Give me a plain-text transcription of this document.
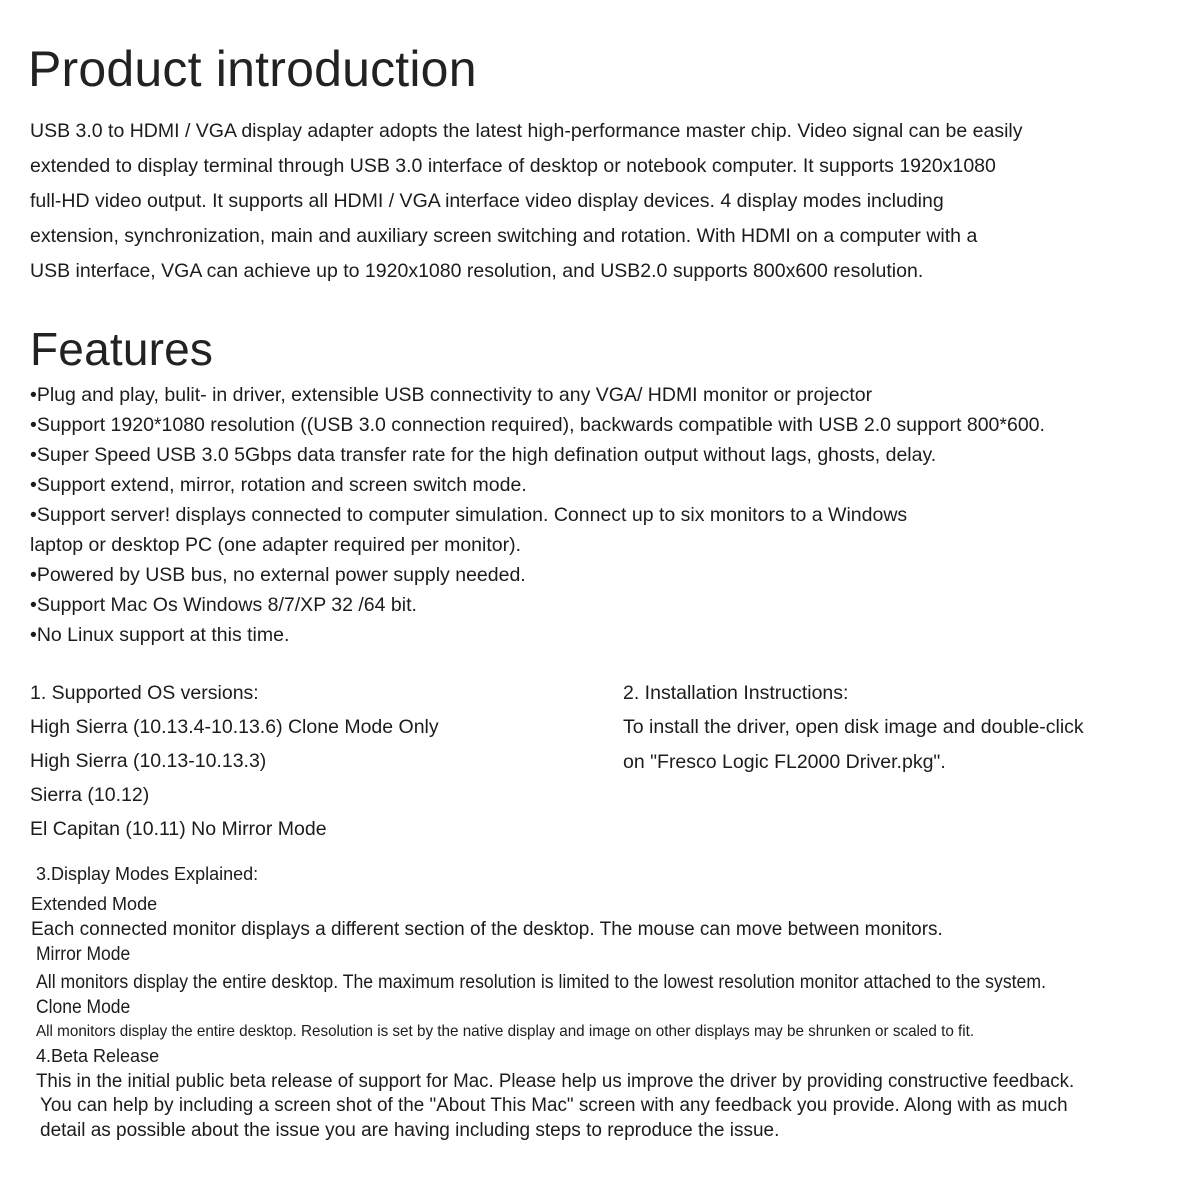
Product introduction
USB 3.0 to HDMI / VGA display adapter adopts the latest high-performance master chip. Video signal can be easily
extended to display terminal through USB 3.0 interface of desktop or notebook computer. It supports 1920x1080
full-HD video output. It supports all HDMI / VGA interface video display devices. 4 display modes including
extension, synchronization, main and auxiliary screen switching and rotation. With HDMI on a computer with a
USB interface, VGA can achieve up to 1920x1080 resolution, and USB2.0 supports 800x600 resolution.
Features
•Plug and play, bulit- in driver, extensible USB connectivity to any VGA/ HDMI monitor or projector
•Support 1920*1080 resolution ((USB 3.0 connection required), backwards compatible with USB 2.0 support 800*600.
•Super Speed USB 3.0 5Gbps data transfer rate for the high defination output without lags, ghosts, delay.
•Support extend, mirror, rotation and screen switch mode.
•Support server! displays connected to computer simulation. Connect up to six monitors to a Windows
laptop or desktop PC (one adapter required per monitor).
•Powered by USB bus, no external power supply needed.
•Support Mac Os Windows 8/7/XP 32 /64 bit.
•No Linux support at this time.
1. Supported OS versions:
High Sierra (10.13.4-10.13.6) Clone Mode Only
High Sierra (10.13-10.13.3)
Sierra (10.12)
El Capitan (10.11) No Mirror Mode
2. Installation Instructions:
To install the driver, open disk image and double-click
on "Fresco Logic FL2000 Driver.pkg".
3.Display Modes Explained:
Extended Mode
Each connected monitor displays a different section of the desktop. The mouse can move between monitors.
Mirror Mode
All monitors display the entire desktop. The maximum resolution is limited to the lowest resolution monitor attached to the system.
Clone Mode
All monitors display the entire desktop. Resolution is set by the native display and image on other displays may be shrunken or scaled to fit.
4.Beta Release
This in the initial public beta release of support for Mac. Please help us improve the driver by providing constructive feedback.
You can help by including a screen shot of the "About This Mac" screen with any feedback you provide. Along with as much
detail as possible about the issue you are having including steps to reproduce the issue.
